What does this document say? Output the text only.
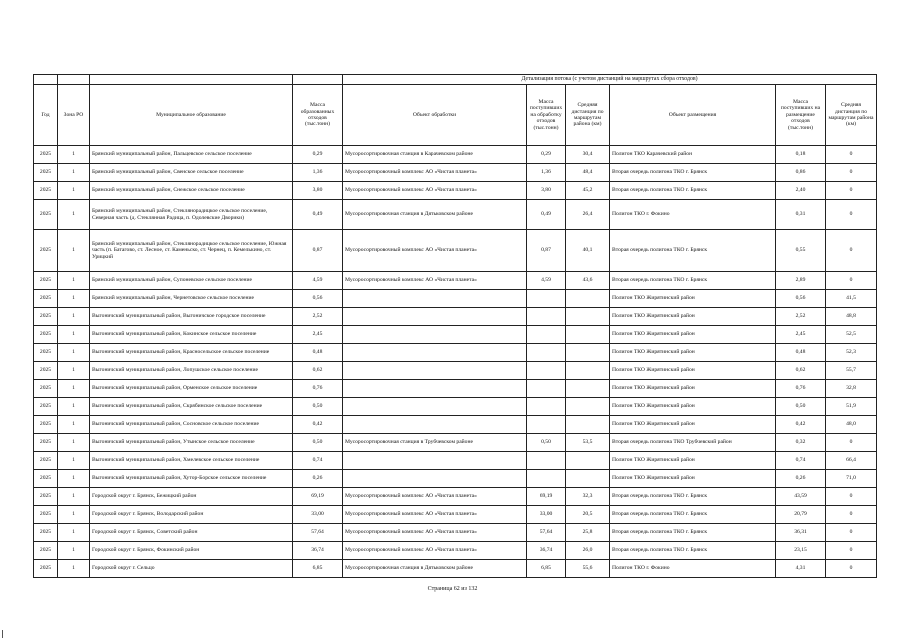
				Детализация потока (с учетом дистанций на маршрутах сбора отходов)					
Год	Зона РО	Муниципальное образование	Масса образованных отходов (тыс.тонн)	Объект обработки	Масса поступивших на обработку отходов (тыс.тонн)	Средняя дистанция по маршрутам района (км)	Объект размещения	Масса поступивших на размещение отходов (тыс.тонн)	Средняя дистанция по маршрутам района (км)
2025	1	Брянский муниципальный район, Пальцевское сельское поселение	0,29	Мусоросортировочная станция в Карачевском районе	0,29	30,4	Полигон ТКО Карачевский район	0,18	0
2025	1	Брянский муниципальный район, Свенское сельское поселение	1,36	Мусоросортировочный комплекс АО «Чистая планета»	1,36	48,4	Вторая очередь полигона ТКО г. Брянск	0,86	0
2025	1	Брянский муниципальный район, Снежское сельское поселение	3,80	Мусоросортировочный комплекс АО «Чистая планета»	3,80	45,2	Вторая очередь полигона ТКО г. Брянск	2,40	0
2025	1	Брянский муниципальный район, Стеклянорадицкое сельское поселение, Северная часть (д. Стеклянная Радица, п. Одолевские Дворики)	0,49	Мусоросортировочная станция в Дятьковском районе	0,49	26,4	Полигон ТКО г. Фокино	0,31	0
2025	1	Брянский муниципальный район, Стеклянорадицкое сельское поселение, Южная часть (п. Батагово, ст. Лесное, ст. Каменьско, ст. Чернец, п. Кемелькино, ст. Урицкий	0,87	Мусоросортировочный комплекс АО «Чистая планета»	0,87	40,1	Вторая очередь полигона ТКО г. Брянск	0,55	0
2025	1	Брянский муниципальный район, Супоневское сельское поселение	4,59	Мусоросортировочный комплекс АО «Чистая планета»	4,59	43,6	Вторая очередь полигона ТКО г. Брянск	2,89	0
2025	1	Брянский муниципальный район, Чернетовское сельское поселение	0,56				Полигон ТКО Жирятинский район	0,56	41,5
2025	1	Выгоничский муниципальный район, Выгоничское городское поселение	2,52				Полигон ТКО Жирятинский район	2,52	48,8
2025	1	Выгоничский муниципальный район, Кокинское сельское поселение	2,45				Полигон ТКО Жирятинский район	2,45	52,5
2025	1	Выгоничский муниципальный район, Красносельское сельское поселение	0,48				Полигон ТКО Жирятинский район	0,48	52,3
2025	1	Выгоничский муниципальный район, Лопушское сельское поселение	0,62				Полигон ТКО Жирятинский район	0,62	55,7
2025	1	Выгоничский муниципальный район, Орменское сельское поселение	0,76				Полигон ТКО Жирятинский район	0,76	32,8
2025	1	Выгоничский муниципальный район, Скрябинское сельское поселение	0,50				Полигон ТКО Жирятинский район	0,50	51,9
2025	1	Выгоничский муниципальный район, Сосновское сельское поселение	0,42				Полигон ТКО Жирятинский район	0,42	48,0
2025	1	Выгоничский муниципальный район, Утынское сельское поселение	0,50	Мусоросортировочная станция в Трубчевском районе	0,50	53,5	Вторая очередь полигона ТКО Трубчевский район	0,32	0
2025	1	Выгоничский муниципальный район, Хмелевское сельское поселение	0,74				Полигон ТКО Жирятинский район	0,74	66,4
2025	1	Выгоничский муниципальный район, Хутор-Борское сельское поселение	0,26				Полигон ТКО Жирятинский район	0,26	71,0
2025	1	Городской округ г. Брянск, Бежицкий район	69,19	Мусоросортировочный комплекс АО «Чистая планета»	69,19	32,3	Вторая очередь полигона ТКО г. Брянск	43,59	0
2025	1	Городской округ г. Брянск, Володарский район	33,00	Мусоросортировочный комплекс АО «Чистая планета»	33,00	20,5	Вторая очередь полигона ТКО г. Брянск	20,79	0
2025	1	Городской округ г. Брянск, Советский район	57,64	Мусоросортировочный комплекс АО «Чистая планета»	57,64	25,8	Вторая очередь полигона ТКО г. Брянск	36,31	0
2025	1	Городской округ г. Брянск, Фокинский район	36,74	Мусоросортировочный комплекс АО «Чистая планета»	36,74	26,0	Вторая очередь полигона ТКО г. Брянск	23,15	0
2025	1	Городской округ г. Сельцо	6,85	Мусоросортировочная станция в Дятьковском районе	6,85	55,6	Полигон ТКО г. Фокино	4,31	0
Страница 62 из 132
